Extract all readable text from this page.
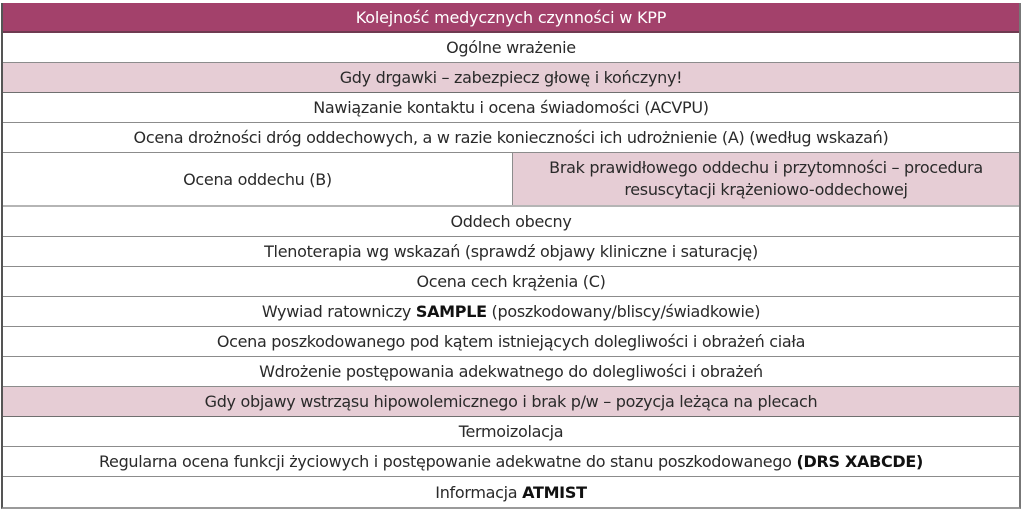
Kolejność medycznych czynności w KPP
Ogólne wrażenie
Gdy drgawki – zabezpiecz głowę i kończyny!
Nawiązanie kontaktu i ocena świadomości (ACVPU)
Ocena drożności dróg oddechowych, a w razie konieczności ich udrożnienie (A) (według wskazań)
Ocena oddechu (B)
Brak prawidłowego oddechu i przytomności – procedura resuscytacji krążeniowo-oddechowej
Oddech obecny
Tlenoterapia wg wskazań (sprawdź objawy kliniczne i saturację)
Ocena cech krążenia (C)
Wywiad ratowniczy SAMPLE (poszkodowany/bliscy/świadkowie)
Ocena poszkodowanego pod kątem istniejących dolegliwości i obrażeń ciała
Wdrożenie postępowania adekwatnego do dolegliwości i obrażeń
Gdy objawy wstrząsu hipowolemicznego i brak p/w – pozycja leżąca na plecach
Termoizolacja
Regularna ocena funkcji życiowych i postępowanie adekwatne do stanu poszkodowanego (DRS XABCDE)
Informacja ATMIST
